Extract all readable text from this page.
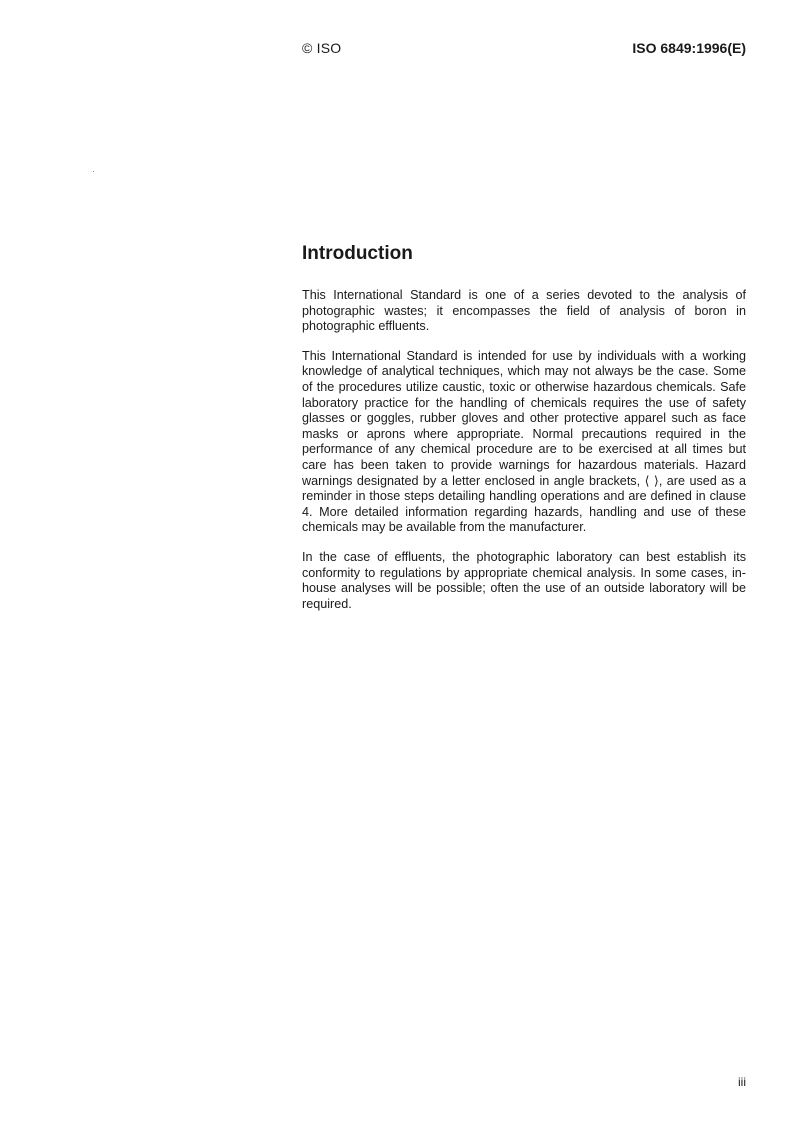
© ISO	ISO 6849:1996(E)
Introduction

This International Standard is one of a series devoted to the analysis of photographic wastes; it encompasses the field of analysis of boron in photographic effluents.

This International Standard is intended for use by individuals with a working knowledge of analytical techniques, which may not always be the case. Some of the procedures utilize caustic, toxic or otherwise hazardous chemicals. Safe laboratory practice for the handling of chemicals requires the use of safety glasses or goggles, rubber gloves and other protective apparel such as face masks or aprons where appropriate. Normal precautions required in the performance of any chemical procedure are to be exercised at all times but care has been taken to provide warnings for hazardous materials. Hazard warnings designated by a letter enclosed in angle brackets, ⟨ ⟩, are used as a reminder in those steps detailing handling operations and are defined in clause 4. More detailed information regarding hazards, handling and use of these chemicals may be available from the manufacturer.

In the case of effluents, the photographic laboratory can best establish its conformity to regulations by appropriate chemical analysis. In some cases, in-house analyses will be possible; often the use of an outside laboratory will be required.

iii
